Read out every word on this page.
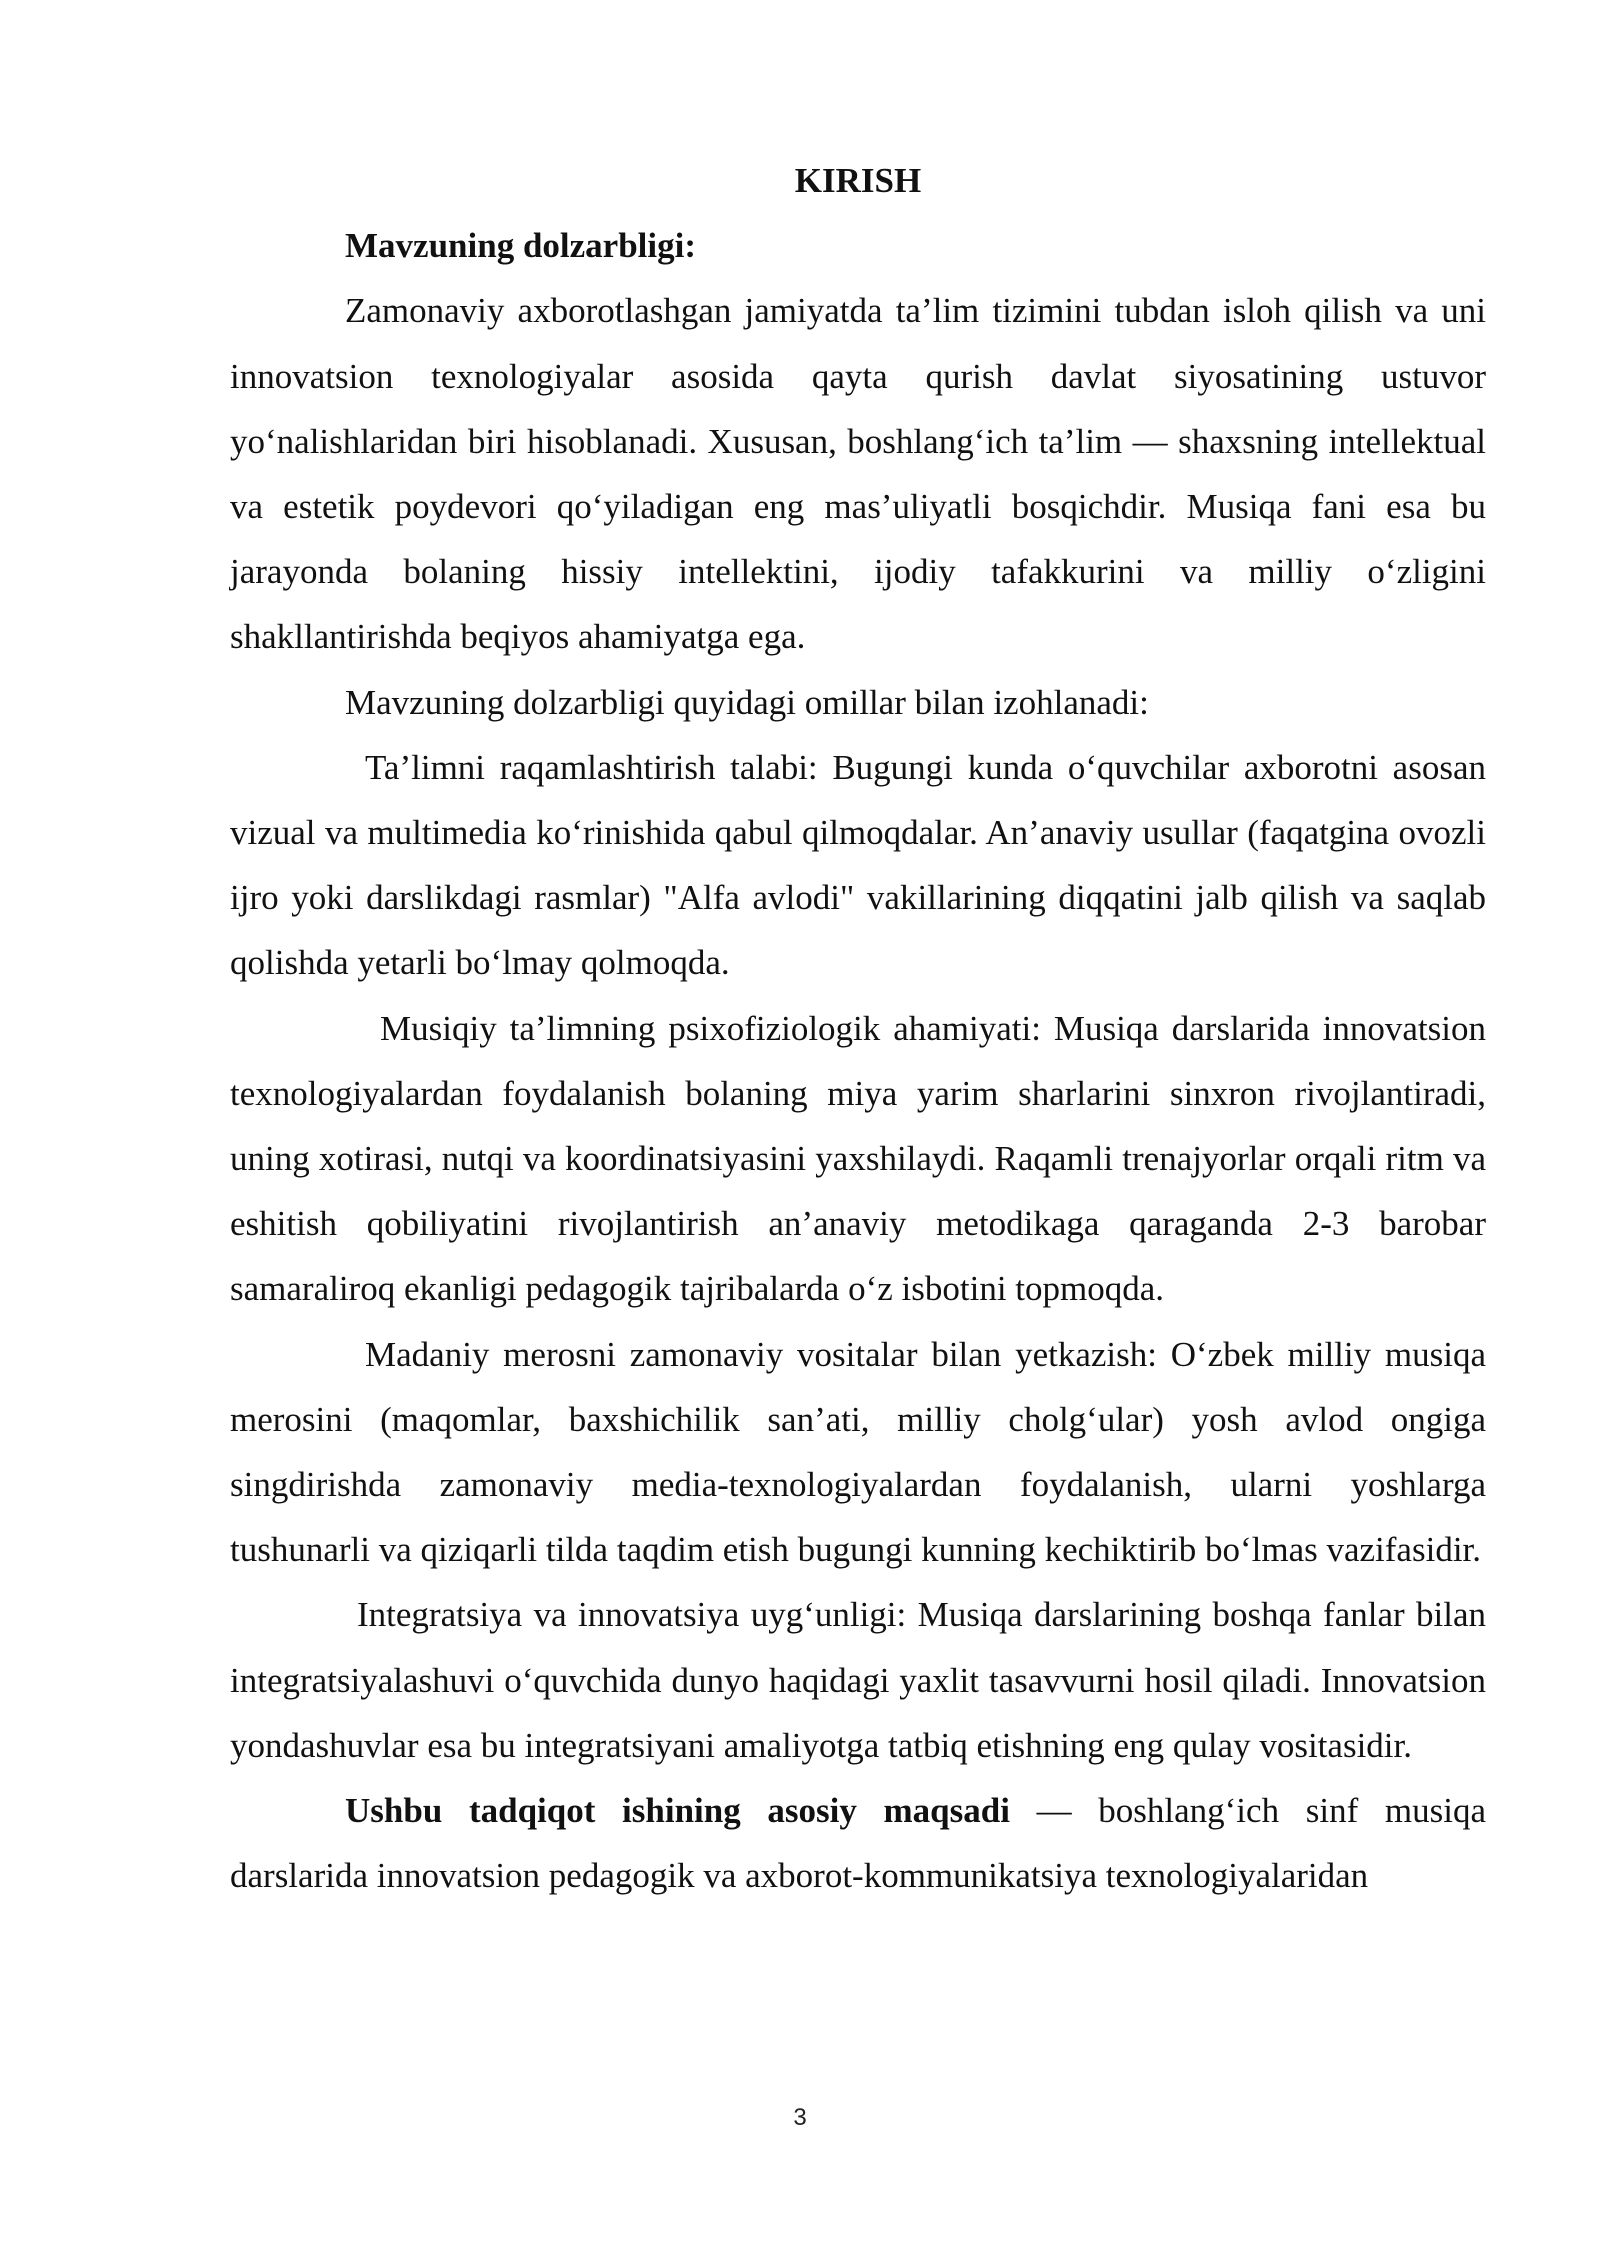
KIRISH
Mavzuning dolzarbligi:

Zamonaviy axborotlashgan jamiyatda ta’lim tizimini tubdan isloh qilish va uni innovatsion texnologiyalar asosida qayta qurish davlat siyosatining ustuvor yo‘nalishlaridan biri hisoblanadi. Xususan, boshlang‘ich ta’lim — shaxsning intellektual va estetik poydevori qo‘yiladigan eng mas’uliyatli bosqichdir. Musiqa fani esa bu jarayonda bolaning hissiy intellektini, ijodiy tafakkurini va milliy o‘zligini shakllantirishda beqiyos ahamiyatga ega.

Mavzuning dolzarbligi quyidagi omillar bilan izohlanadi:

Ta’limni raqamlashtirish talabi: Bugungi kunda o‘quvchilar axborotni asosan vizual va multimedia ko‘rinishida qabul qilmoqdalar. An’anaviy usullar (faqatgina ovozli ijro yoki darslikdagi rasmlar) "Alfa avlodi" vakillarining diqqatini jalb qilish va saqlab qolishda yetarli bo‘lmay qolmoqda.

Musiqiy ta’limning psixofiziologik ahamiyati: Musiqa darslarida innovatsion texnologiyalardan foydalanish bolaning miya yarim sharlarini sinxron rivojlantiradi, uning xotirasi, nutqi va koordinatsiyasini yaxshilaydi. Raqamli trenajyorlar orqali ritm va eshitish qobiliyatini rivojlantirish an’anaviy metodikaga qaraganda 2-3 barobar samaraliroq ekanligi pedagogik tajribalarda o‘z isbotini topmoqda.

Madaniy merosni zamonaviy vositalar bilan yetkazish: O‘zbek milliy musiqa merosini (maqomlar, baxshichilik san’ati, milliy cholg‘ular) yosh avlod ongiga singdirishda zamonaviy media-texnologiyalardan foydalanish, ularni yoshlarga tushunarli va qiziqarli tilda taqdim etish bugungi kunning kechiktirib bo‘lmas vazifasidir.

Integratsiya va innovatsiya uyg‘unligi: Musiqa darslarining boshqa fanlar bilan integratsiyalashuvi o‘quvchida dunyo haqidagi yaxlit tasavvurni hosil qiladi. Innovatsion yondashuvlar esa bu integratsiyani amaliyotga tatbiq etishning eng qulay vositasidir.

Ushbu tadqiqot ishining asosiy maqsadi — boshlang‘ich sinf musiqa darslarida innovatsion pedagogik va axborot-kommunikatsiya texnologiyalaridan

3
